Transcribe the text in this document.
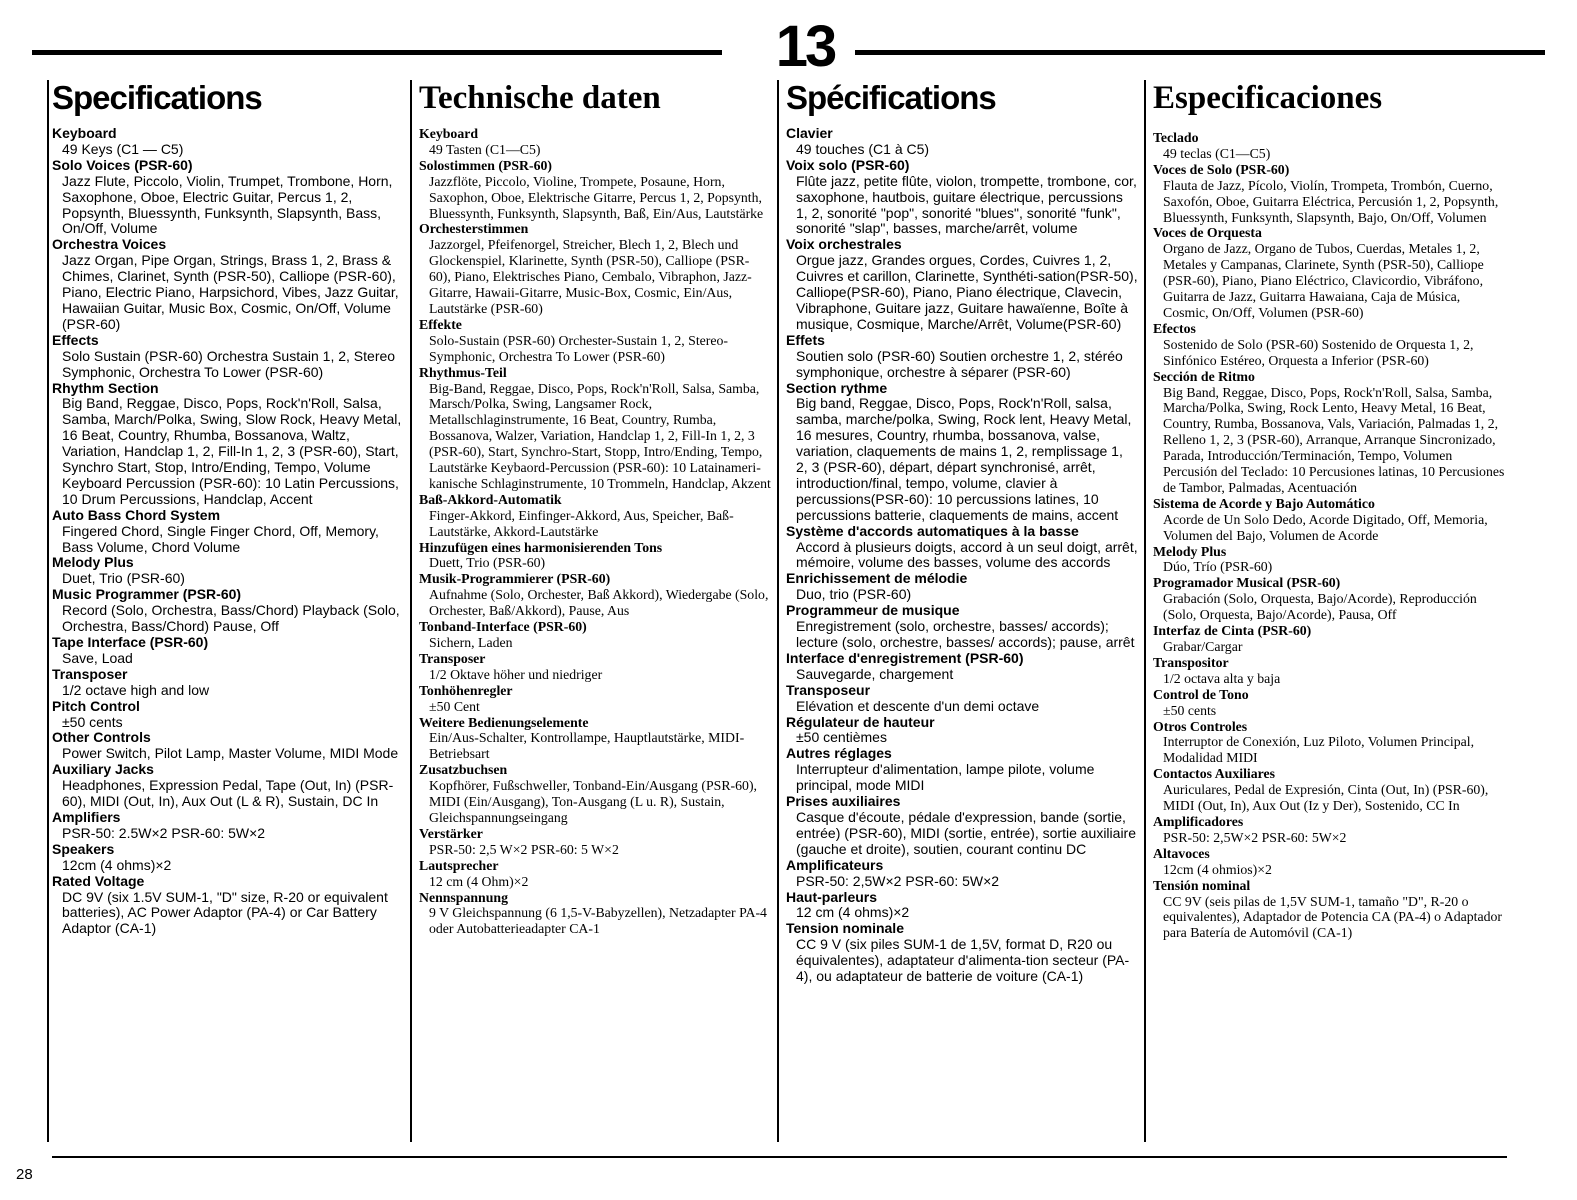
13
Specifications
Keyboard
49 Keys (C1 — C5)
Solo Voices (PSR-60)
Jazz Flute, Piccolo, Violin, Trumpet, Trombone, Horn, Saxophone, Oboe, Electric Guitar, Percus 1, 2, Popsynth, Bluessynth, Funksynth, Slapsynth, Bass, On/Off, Volume
Orchestra Voices
Jazz Organ, Pipe Organ, Strings, Brass 1, 2, Brass & Chimes, Clarinet, Synth (PSR-50), Calliope (PSR-60), Piano, Electric Piano, Harpsichord, Vibes, Jazz Guitar, Hawaiian Guitar, Music Box, Cosmic, On/Off, Volume (PSR-60)
Effects
Solo Sustain (PSR-60) Orchestra Sustain 1, 2, Stereo Symphonic, Orchestra To Lower (PSR-60)
Rhythm Section
Big Band, Reggae, Disco, Pops, Rock'n'Roll, Salsa, Samba, March/Polka, Swing, Slow Rock, Heavy Metal, 16 Beat, Country, Rhumba, Bossanova, Waltz, Variation, Handclap 1, 2, Fill-In 1, 2, 3 (PSR-60), Start, Synchro Start, Stop, Intro/Ending, Tempo, Volume Keyboard Percussion (PSR-60): 10 Latin Percussions, 10 Drum Percussions, Handclap, Accent
Auto Bass Chord System
Fingered Chord, Single Finger Chord, Off, Memory, Bass Volume, Chord Volume
Melody Plus
Duet, Trio (PSR-60)
Music Programmer (PSR-60)
Record (Solo, Orchestra, Bass/Chord) Playback (Solo, Orchestra, Bass/Chord) Pause, Off
Tape Interface (PSR-60)
Save, Load
Transposer
1/2 octave high and low
Pitch Control
±50 cents
Other Controls
Power Switch, Pilot Lamp, Master Volume, MIDI Mode
Auxiliary Jacks
Headphones, Expression Pedal, Tape (Out, In) (PSR-60), MIDI (Out, In), Aux Out (L & R), Sustain, DC In
Amplifiers
PSR-50: 2.5W×2 PSR-60: 5W×2
Speakers
12cm (4 ohms)×2
Rated Voltage
DC 9V (six 1.5V SUM-1, "D" size, R-20 or equivalent batteries), AC Power Adaptor (PA-4) or Car Battery Adaptor (CA-1)
Technische daten
Keyboard
49 Tasten (C1—C5)
Solostimmen (PSR-60)
Jazzflöte, Piccolo, Violine, Trompete, Posaune, Horn, Saxophon, Oboe, Elektrische Gitarre, Percus 1, 2, Popsynth, Bluessynth, Funksynth, Slapsynth, Baß, Ein/Aus, Lautstärke
Orchesterstimmen
Jazzorgel, Pfeifenorgel, Streicher, Blech 1, 2, Blech und Glockenspiel, Klarinette, Synth (PSR-50), Calliope (PSR-60), Piano, Elektrisches Piano, Cembalo, Vibraphon, Jazz-Gitarre, Hawaii-Gitarre, Music-Box, Cosmic, Ein/Aus, Lautstärke (PSR-60)
Effekte
Solo-Sustain (PSR-60) Orchester-Sustain 1, 2, Stereo-Symphonic, Orchestra To Lower (PSR-60)
Rhythmus-Teil
Big-Band, Reggae, Disco, Pops, Rock'n'Roll, Salsa, Samba, Marsch/Polka, Swing, Langsamer Rock, Metallschlaginstrumente, 16 Beat, Country, Rumba, Bossanova, Walzer, Variation, Handclap 1, 2, Fill-In 1, 2, 3 (PSR-60), Start, Synchro-Start, Stopp, Intro/Ending, Tempo, Lautstärke Keybaord-Percussion (PSR-60): 10 Latainameri-kanische Schlaginstrumente, 10 Trommeln, Handclap, Akzent
Baß-Akkord-Automatik
Finger-Akkord, Einfinger-Akkord, Aus, Speicher, Baß-Lautstärke, Akkord-Lautstärke
Hinzufügen eines harmonisierenden Tons
Duett, Trio (PSR-60)
Musik-Programmierer (PSR-60)
Aufnahme (Solo, Orchester, Baß Akkord), Wiedergabe (Solo, Orchester, Baß/Akkord), Pause, Aus
Tonband-Interface (PSR-60)
Sichern, Laden
Transposer
1/2 Oktave höher und niedriger
Tonhöhenregler
±50 Cent
Weitere Bedienungselemente
Ein/Aus-Schalter, Kontrollampe, Hauptlautstärke, MIDI-Betriebsart
Zusatzbuchsen
Kopfhörer, Fußschweller, Tonband-Ein/Ausgang (PSR-60), MIDI (Ein/Ausgang), Ton-Ausgang (L u. R), Sustain, Gleichspannungseingang
Verstärker
PSR-50: 2,5 W×2 PSR-60: 5 W×2
Lautsprecher
12 cm (4 Ohm)×2
Nennspannung
9 V Gleichspannung (6 1,5-V-Babyzellen), Netzadapter PA-4 oder Autobatterieadapter CA-1
Spécifications
Clavier
49 touches (C1 à C5)
Voix solo (PSR-60)
Flûte jazz, petite flûte, violon, trompette, trombone, cor, saxophone, hautbois, guitare électrique, percussions 1, 2, sonorité "pop", sonorité "blues", sonorité "funk", sonorité "slap", basses, marche/arrêt, volume
Voix orchestrales
Orgue jazz, Grandes orgues, Cordes, Cuivres 1, 2, Cuivres et carillon, Clarinette, Synthéti-sation(PSR-50), Calliope(PSR-60), Piano, Piano électrique, Clavecin, Vibraphone, Guitare jazz, Guitare hawaïenne, Boîte à musique, Cosmique, Marche/Arrêt, Volume(PSR-60)
Effets
Soutien solo (PSR-60) Soutien orchestre 1, 2, stéréo symphonique, orchestre à séparer (PSR-60)
Section rythme
Big band, Reggae, Disco, Pops, Rock'n'Roll, salsa, samba, marche/polka, Swing, Rock lent, Heavy Metal, 16 mesures, Country, rhumba, bossanova, valse, variation, claquements de mains 1, 2, remplissage 1, 2, 3 (PSR-60), départ, départ synchronisé, arrêt, introduction/final, tempo, volume, clavier à percussions(PSR-60): 10 percussions latines, 10 percussions batterie, claquements de mains, accent
Système d'accords automatiques à la basse
Accord à plusieurs doigts, accord à un seul doigt, arrêt, mémoire, volume des basses, volume des accords
Enrichissement de mélodie
Duo, trio (PSR-60)
Programmeur de musique
Enregistrement (solo, orchestre, basses/ accords); lecture (solo, orchestre, basses/ accords); pause, arrêt
Interface d'enregistrement (PSR-60)
Sauvegarde, chargement
Transposeur
Elévation et descente d'un demi octave
Régulateur de hauteur
±50 centièmes
Autres réglages
Interrupteur d'alimentation, lampe pilote, volume principal, mode MIDI
Prises auxiliaires
Casque d'écoute, pédale d'expression, bande (sortie, entrée) (PSR-60), MIDI (sortie, entrée), sortie auxiliaire (gauche et droite), soutien, courant continu DC
Amplificateurs
PSR-50: 2,5W×2 PSR-60: 5W×2
Haut-parleurs
12 cm (4 ohms)×2
Tension nominale
CC 9 V (six piles SUM-1 de 1,5V, format D, R20 ou équivalentes), adaptateur d'alimenta-tion secteur (PA-4), ou adaptateur de batterie de voiture (CA-1)
Especificaciones
Teclado
49 teclas (C1—C5)
Voces de Solo (PSR-60)
Flauta de Jazz, Pícolo, Violín, Trompeta, Trombón, Cuerno, Saxofón, Oboe, Guitarra Eléctrica, Percusión 1, 2, Popsynth, Bluessynth, Funksynth, Slapsynth, Bajo, On/Off, Volumen
Voces de Orquesta
Organo de Jazz, Organo de Tubos, Cuerdas, Metales 1, 2, Metales y Campanas, Clarinete, Synth (PSR-50), Calliope (PSR-60), Piano, Piano Eléctrico, Clavicordio, Vibráfono, Guitarra de Jazz, Guitarra Hawaiana, Caja de Música, Cosmic, On/Off, Volumen (PSR-60)
Efectos
Sostenido de Solo (PSR-60) Sostenido de Orquesta 1, 2, Sinfónico Estéreo, Orquesta a Inferior (PSR-60)
Sección de Ritmo
Big Band, Reggae, Disco, Pops, Rock'n'Roll, Salsa, Samba, Marcha/Polka, Swing, Rock Lento, Heavy Metal, 16 Beat, Country, Rumba, Bossanova, Vals, Variación, Palmadas 1, 2, Relleno 1, 2, 3 (PSR-60), Arranque, Arranque Sincronizado, Parada, Introducción/Terminación, Tempo, Volumen Percusión del Teclado: 10 Percusiones latinas, 10 Percusiones de Tambor, Palmadas, Acentuación
Sistema de Acorde y Bajo Automático
Acorde de Un Solo Dedo, Acorde Digitado, Off, Memoria, Volumen del Bajo, Volumen de Acorde
Melody Plus
Dúo, Trío (PSR-60)
Programador Musical (PSR-60)
Grabación (Solo, Orquesta, Bajo/Acorde), Reproducción (Solo, Orquesta, Bajo/Acorde), Pausa, Off
Interfaz de Cinta (PSR-60)
Grabar/Cargar
Transpositor
1/2 octava alta y baja
Control de Tono
±50 cents
Otros Controles
Interruptor de Conexión, Luz Piloto, Volumen Principal, Modalidad MIDI
Contactos Auxiliares
Auriculares, Pedal de Expresión, Cinta (Out, In) (PSR-60), MIDI (Out, In), Aux Out (Iz y Der), Sostenido, CC In
Amplificadores
PSR-50: 2,5W×2 PSR-60: 5W×2
Altavoces
12cm (4 ohmios)×2
Tensión nominal
CC 9V (seis pilas de 1,5V SUM-1, tamaño "D", R-20 o equivalentes), Adaptador de Potencia CA (PA-4) o Adaptador para Batería de Automóvil (CA-1)
28
